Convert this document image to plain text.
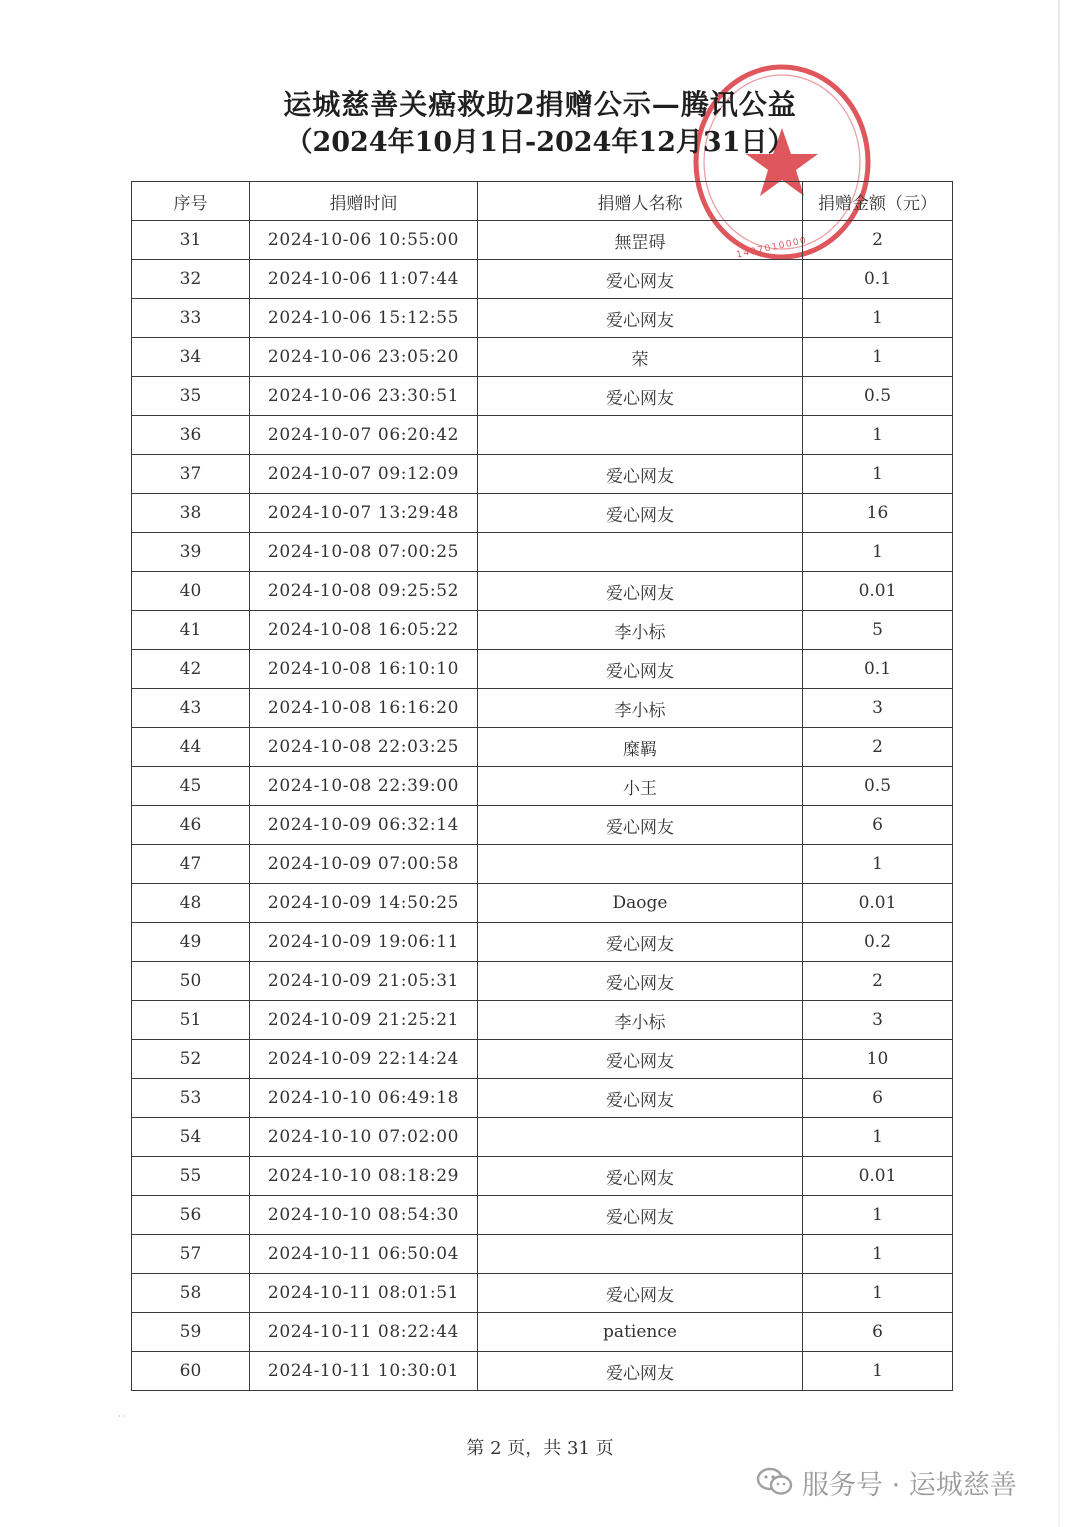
1427010000

运城慈善关癌救助2捐赠公示—腾讯公益

（2024年10月1日-2024年12月31日）

序号	捐赠时间	捐赠人名称	捐赠金额（元）
31	2024-10-06 10:55:00	無罡碍	2
32	2024-10-06 11:07:44	爱心网友	0.1
33	2024-10-06 15:12:55	爱心网友	1
34	2024-10-06 23:05:20	荣	1
35	2024-10-06 23:30:51	爱心网友	0.5
36	2024-10-07 06:20:42		1
37	2024-10-07 09:12:09	爱心网友	1
38	2024-10-07 13:29:48	爱心网友	16
39	2024-10-08 07:00:25		1
40	2024-10-08 09:25:52	爱心网友	0.01
41	2024-10-08 16:05:22	李小标	5
42	2024-10-08 16:10:10	爱心网友	0.1
43	2024-10-08 16:16:20	李小标	3
44	2024-10-08 22:03:25	糜羁	2
45	2024-10-08 22:39:00	小王	0.5
46	2024-10-09 06:32:14	爱心网友	6
47	2024-10-09 07:00:58		1
48	2024-10-09 14:50:25	Daoge	0.01
49	2024-10-09 19:06:11	爱心网友	0.2
50	2024-10-09 21:05:31	爱心网友	2
51	2024-10-09 21:25:21	李小标	3
52	2024-10-09 22:14:24	爱心网友	10
53	2024-10-10 06:49:18	爱心网友	6
54	2024-10-10 07:02:00		1
55	2024-10-10 08:18:29	爱心网友	0.01
56	2024-10-10 08:54:30	爱心网友	1
57	2024-10-11 06:50:04		1
58	2024-10-11 08:01:51	爱心网友	1
59	2024-10-11 08:22:44	patience	6
60	2024-10-11 10:30:01	爱心网友	1
· ·
第 2 页，共 31 页
服务号 · 运城慈善
